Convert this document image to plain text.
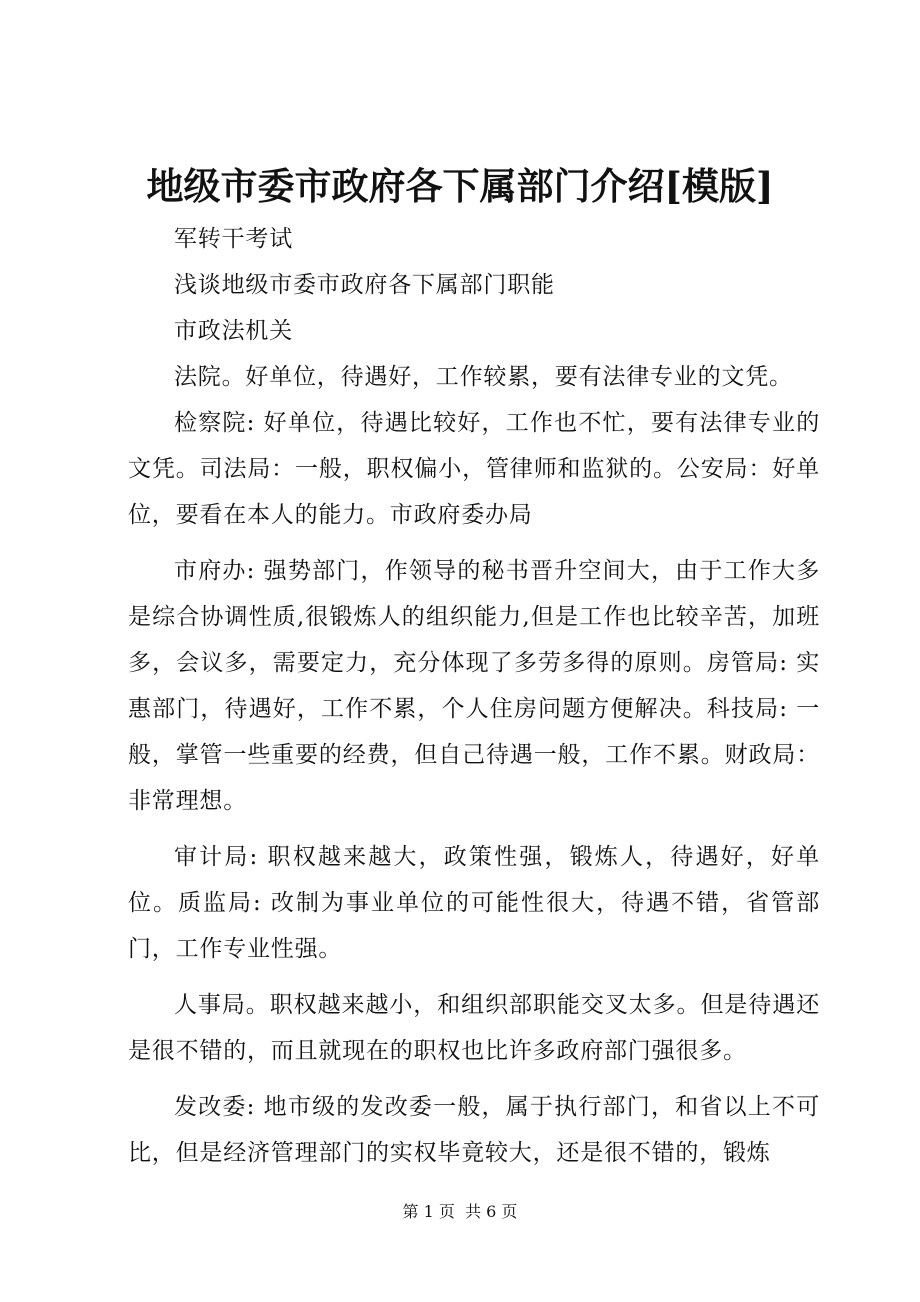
地级市委市政府各下属部门介绍[模版]

军转干考试

浅谈地级市委市政府各下属部门职能

市政法机关

法院。好单位，待遇好，工作较累，要有法律专业的文凭。

检察院: 好单位，待遇比较好，工作也不忙，要有法律专业的文凭。司法局：一般，职权偏小，管律师和监狱的。公安局：好单位，要看在本人的能力。市政府委办局

市府办: 强势部门，作领导的秘书晋升空间大，由于工作大多是综合协调性质,很锻炼人的组织能力,但是工作也比较辛苦，加班多，会议多，需要定力，充分体现了多劳多得的原则。房管局: 实惠部门，待遇好，工作不累，个人住房问题方便解决。科技局: 一般，掌管一些重要的经费，但自己待遇一般，工作不累。财政局：非常理想。

审计局: 职权越来越大，政策性强，锻炼人，待遇好，好单位。质监局: 改制为事业单位的可能性很大，待遇不错，省管部门，工作专业性强。

人事局。职权越来越小，和组织部职能交叉太多。但是待遇还是很不错的，而且就现在的职权也比许多政府部门强很多。

发改委: 地市级的发改委一般，属于执行部门，和省以上不可比，但是经济管理部门的实权毕竟较大，还是很不错的，锻炼

第 1 页  共 6 页
